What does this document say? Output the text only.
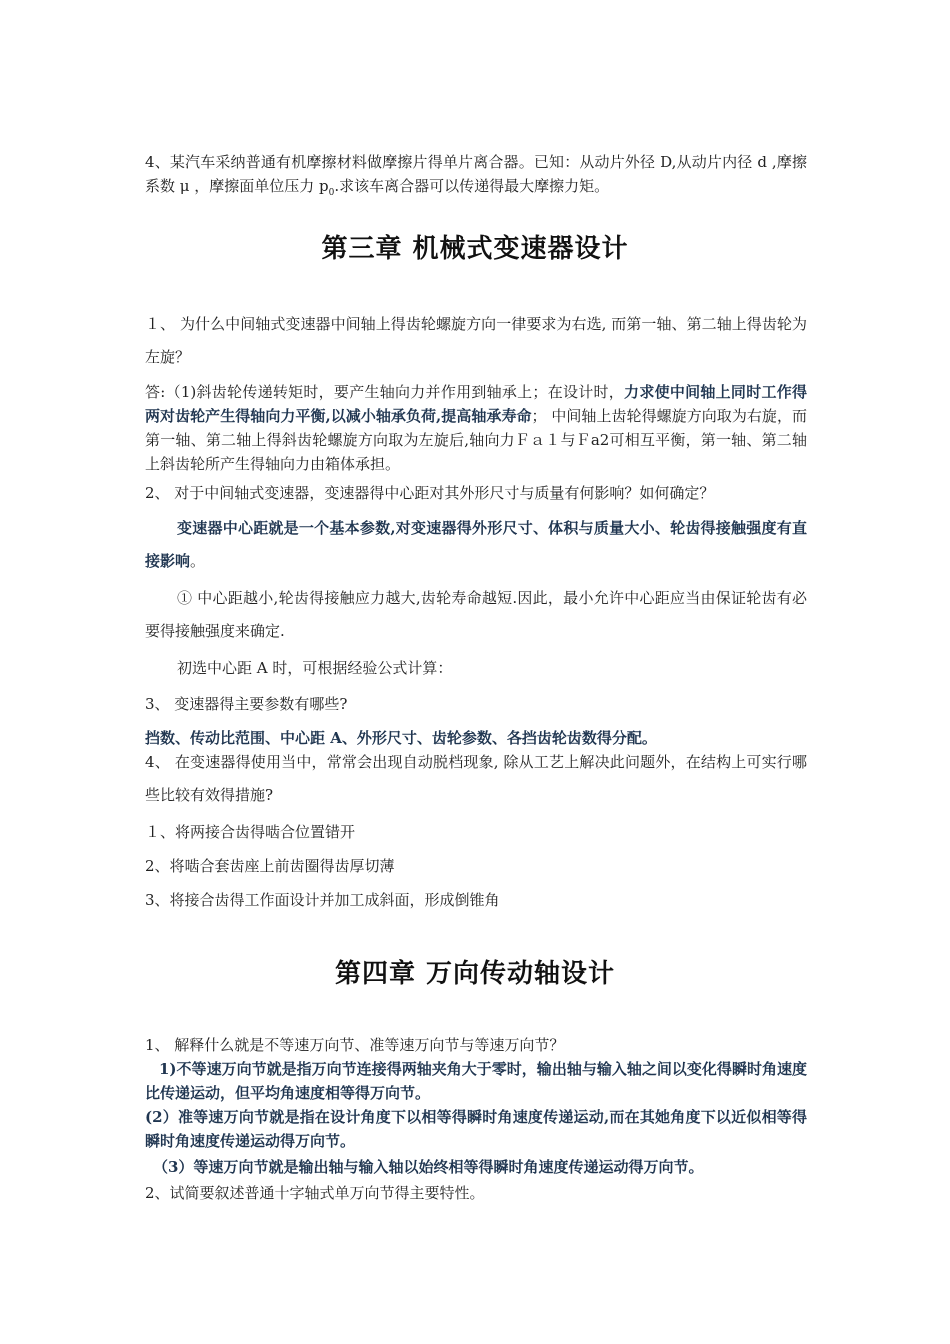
4、某汽车采纳普通有机摩擦材料做摩擦片得单片离合器。已知：从动片外径 D,从动片内径 d ,摩擦系数 μ ，摩擦面单位压力 $p_0$.求该车离合器可以传递得最大摩擦力矩。
第三章 机械式变速器设计
１、 为什么中间轴式变速器中间轴上得齿轮螺旋方向一律要求为右选, 而第一轴、第二轴上得齿轮为左旋？
答:（1)斜齿轮传递转矩时，要产生轴向力并作用到轴承上；在设计时，力求使中间轴上同时工作得两对齿轮产生得轴向力平衡,以减小轴承负荷,提高轴承寿命； 中间轴上齿轮得螺旋方向取为右旋，而第一轴、第二轴上得斜齿轮螺旋方向取为左旋后,轴向力Ｆａ１与Ｆa2可相互平衡，第一轴、第二轴上斜齿轮所产生得轴向力由箱体承担。
2、 对于中间轴式变速器，变速器得中心距对其外形尺寸与质量有何影响？如何确定？
变速器中心距就是一个基本参数,对变速器得外形尺寸、体积与质量大小、轮齿得接触强度有直接影响。
① 中心距越小,轮齿得接触应力越大,齿轮寿命越短.因此，最小允许中心距应当由保证轮齿有必要得接触强度来确定.
初选中心距 A 时，可根据经验公式计算：
3、 变速器得主要参数有哪些?
挡数、传动比范围、中心距 A、外形尺寸、齿轮参数、各挡齿轮齿数得分配。
4、 在变速器得使用当中，常常会出现自动脱档现象, 除从工艺上解决此问题外，在结构上可实行哪些比较有效得措施?
１、将两接合齿得啮合位置错开
2、将啮合套齿座上前齿圈得齿厚切薄
3、将接合齿得工作面设计并加工成斜面，形成倒锥角
第四章 万向传动轴设计
1、 解释什么就是不等速万向节、准等速万向节与等速万向节？
1)不等速万向节就是指万向节连接得两轴夹角大于零时，输出轴与输入轴之间以变化得瞬时角速度比传递运动，但平均角速度相等得万向节。
(2）准等速万向节就是指在设计角度下以相等得瞬时角速度传递运动,而在其她角度下以近似相等得瞬时角速度传递运动得万向节。
（3）等速万向节就是输出轴与输入轴以始终相等得瞬时角速度传递运动得万向节。
2、试简要叙述普通十字轴式单万向节得主要特性。
